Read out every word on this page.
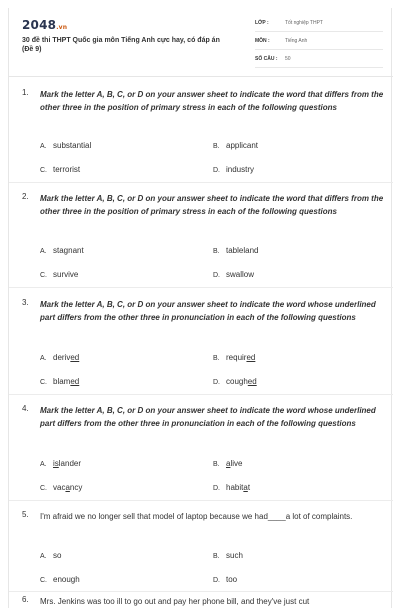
2048.vn
30 đề thi THPT Quốc gia môn Tiếng Anh cực hay, có đáp án (Đề 9)
LỚP :	Tốt nghiệp THPT
MÔN :	Tiếng Anh
SỐ CÂU : 50
1. Mark the letter A, B, C, or D on your answer sheet to indicate the word that differs from the other three in the position of primary stress in each of the following questions
A. substantial	B. applicant
C. terrorist	D. industry
2. Mark the letter A, B, C, or D on your answer sheet to indicate the word that differs from the other three in the position of primary stress in each of the following questions
A. stagnant	B. tableland
C. survive	D. swallow
3. Mark the letter A, B, C, or D on your answer sheet to indicate the word whose underlined part differs from the other three in pronunciation in each of the following questions
A. derived	B. required
C. blamed	D. coughed
4. Mark the letter A, B, C, or D on your answer sheet to indicate the word whose underlined part differs from the other three in pronunciation in each of the following questions
A. islander	B. alive
C. vacancy	D. habitat
5. I'm afraid we no longer sell that model of laptop because we had____a lot of complaints.
A. so	B. such
C. enough	D. too
6. Mrs. Jenkins was too ill to go out and pay her phone bill, and they've just cut
